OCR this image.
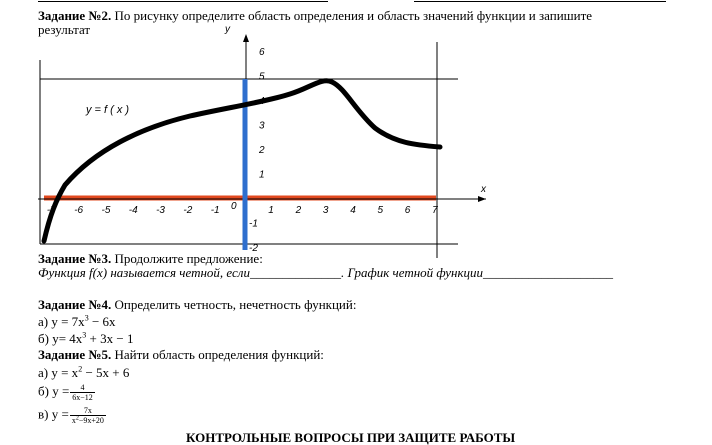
Задание №2. По рисунку определите область определения и область значений функции и запишите
результат
y = f ( x )
x
y
0
-7 -6 -5 -4 -3 -2 -1	1 2 3 4 5 6 7
6
5
4
3
2
1
-1
-2
Задание №3. Продолжите предложение:
Функция f(x) называется четной, если______________. График четной функции____________________
Задание №4. Определить четность, нечетность функций:
а) $y = 7x^3 - 6x$
б) $y= 4x^3 + 3x - 1$
Задание №5. Найти область определения функций:
а) $y = x^2 - 5x + 6$
б) $y = \frac{4}{6x-12}$
в) $y = \frac{7x}{x^2-9x+20}$
КОНТРОЛЬНЫЕ ВОПРОСЫ ПРИ ЗАЩИТЕ РАБОТЫ
